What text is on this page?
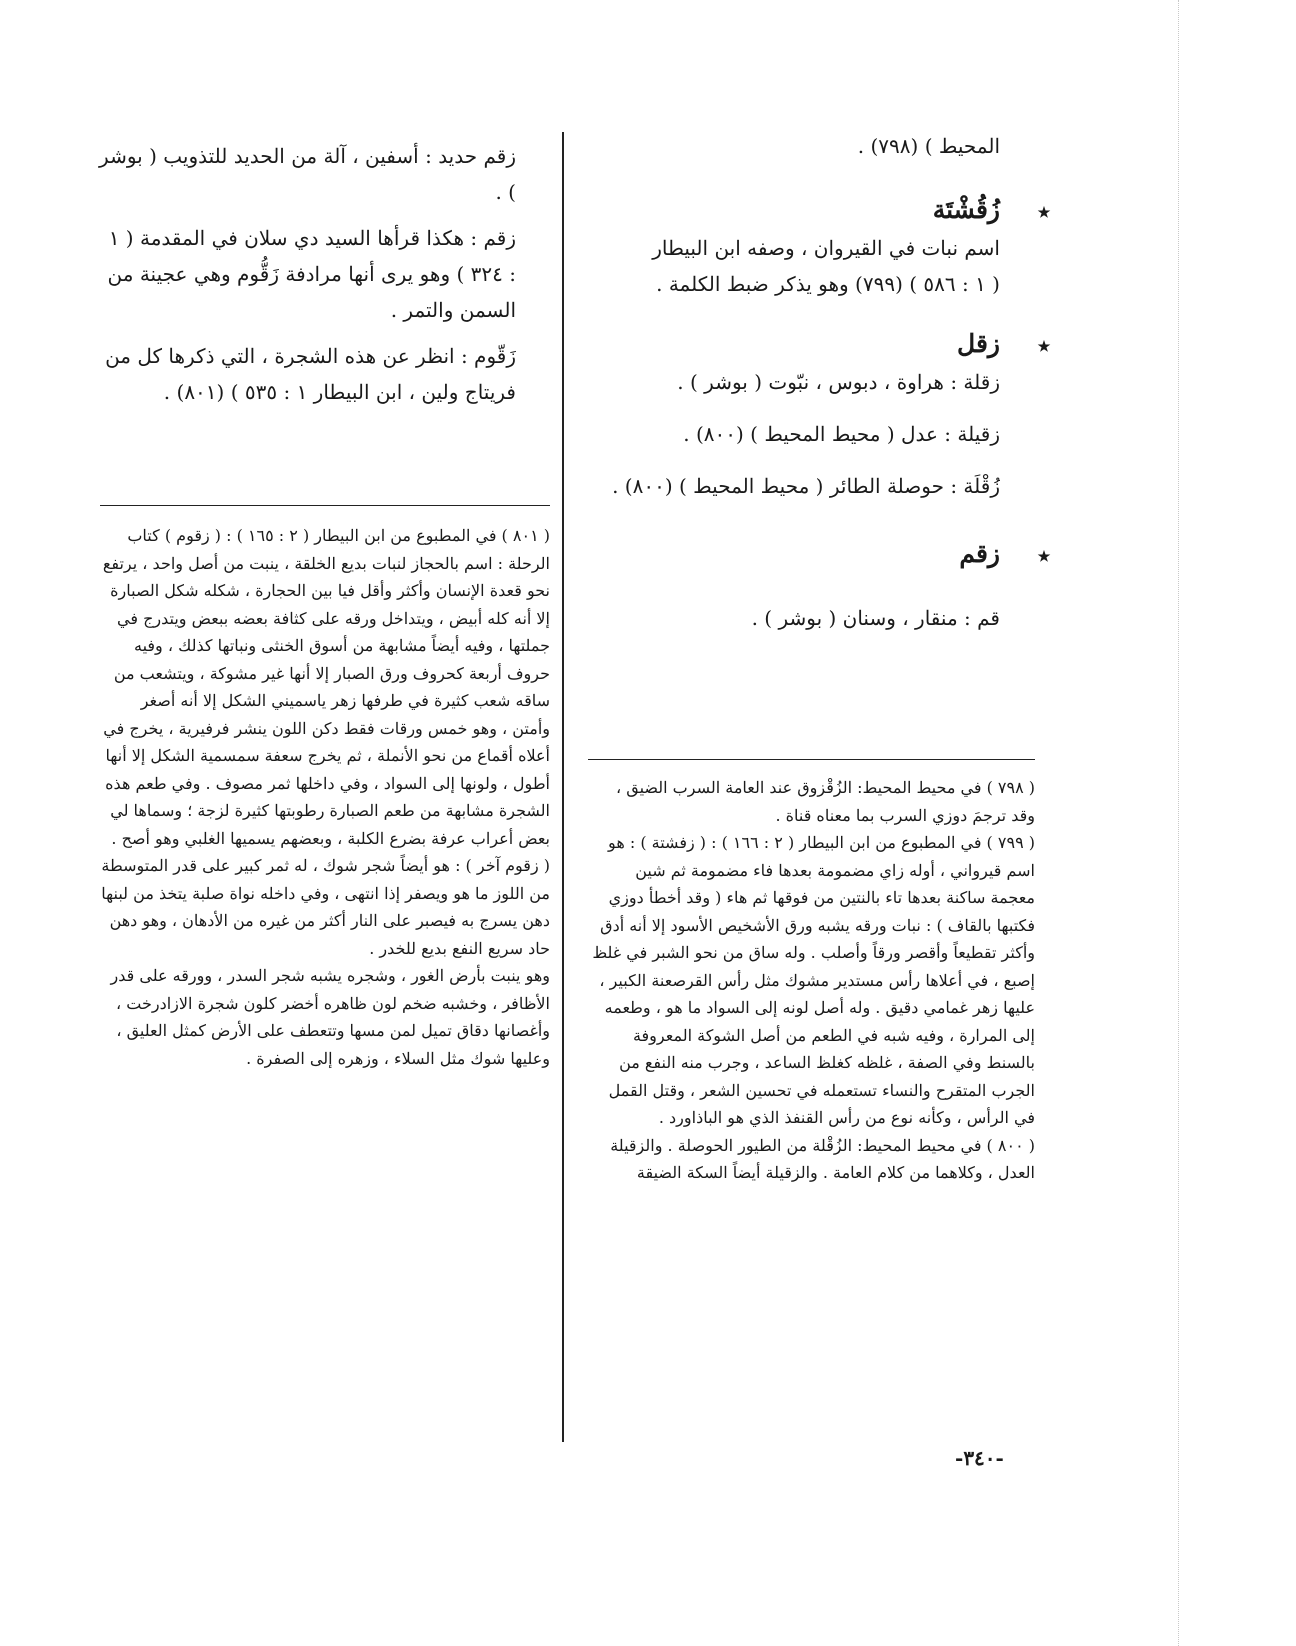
المحيط ) (٧٩٨) .

٭
زُقُشْتَة

اسم نبات في القيروان ، وصفه ابن البيطار

( ١ : ٥٨٦ ) (٧٩٩) وهو يذكر ضبط الكلمة .

٭
زقل

زقلة : هراوة ، دبوس ، نبّوت ( بوشر ) .

زقيلة : عدل ( محيط المحيط ) (٨٠٠) .

زُقْلَة : حوصلة الطائر ( محيط المحيط ) (٨٠٠) .

٭
زقم

قم : منقار ، وسنان ( بوشر ) .

زقم حديد : أسفين ، آلة من الحديد للتذويب ( بوشر ) .

زقم : هكذا قرأها السيد دي سلان في المقدمة ( ١ : ٣٢٤ ) وهو يرى أنها مرادفة زَقُّوم وهي عجينة من السمن والتمر .

زَقّوم : انظر عن هذه الشجرة ، التي ذكرها كل من فريتاج ولين ، ابن البيطار ١ : ٥٣٥ ) (٨٠١) .

( ٨٠١ ) في المطبوع من ابن البيطار ( ٢ : ١٦٥ ) : ( زقوم ) كتاب الرحلة : اسم بالحجاز لنبات بديع الخلقة ، ينبت من أصل واحد ، يرتفع نحو قعدة الإنسان وأكثر وأقل فيا بين الحجارة ، شكله شكل الصبارة إلا أنه كله أبيض ، ويتداخل ورقه على كثافة بعضه ببعض ويتدرج في جملتها ، وفيه أيضاً مشابهة من أسوق الخنثى ونباتها كذلك ، وفيه حروف أربعة كحروف ورق الصبار إلا أنها غير مشوكة ، ويتشعب من ساقه شعب كثيرة في طرفها زهر ياسميني الشكل إلا أنه أصغر وأمتن ، وهو خمس ورقات فقط دكن اللون ينشر فرفيرية ، يخرج في أعلاه أقماع من نحو الأنملة ، ثم يخرج سعفة سمسمية الشكل إلا أنها أطول ، ولونها إلى السواد ، وفي داخلها ثمر مصوف . وفي طعم هذه الشجرة مشابهة من طعم الصبارة رطوبتها كثيرة لزجة ؛ وسماها لي بعض أعراب عرفة بضرع الكلبة ، وبعضهم يسميها الغلبي وهو أصح .

( زقوم آخر ) : هو أيضاً شجر شوك ، له ثمر كبير على قدر المتوسطة من اللوز ما هو ويصفر إذا انتهى ، وفي داخله نواة صلبة يتخذ من لبنها دهن يسرج به فيصبر على النار أكثر من غيره من الأدهان ، وهو دهن حاد سريع النفع بديع للخدر .

وهو ينبت بأرض الغور ، وشجره يشبه شجر السدر ، وورقه على قدر الأظافر ، وخشبه ضخم لون ظاهره أخضر كلون شجرة الازادرخت ، وأغصانها دقاق تميل لمن مسها وتتعطف على الأرض كمثل العليق ، وعليها شوك مثل السلاء ، وزهره إلى الصفرة .

( ٧٩٨ ) في محيط المحيط: الزُقْزوق عند العامة السرب الضيق ، وقد ترجمَ دوزي السرب بما معناه قناة .

( ٧٩٩ ) في المطبوع من ابن البيطار ( ٢ : ١٦٦ ) : ( زفشتة ) : هو اسم قيرواني ، أوله زاي مضمومة بعدها فاء مضمومة ثم شين معجمة ساكنة بعدها تاء بالنتين من فوقها ثم هاء ( وقد أخطأ دوزي فكتبها بالقاف ) : نبات ورقه يشبه ورق الأشخيص الأسود إلا أنه أدق وأكثر تقطيعاً وأقصر ورقاً وأصلب . وله ساق من نحو الشبر في غلظ إصبع ، في أعلاها رأس مستدير مشوك مثل رأس القرصعنة الكبير ، عليها زهر غمامي دقيق . وله أصل لونه إلى السواد ما هو ، وطعمه إلى المرارة ، وفيه شبه في الطعم من أصل الشوكة المعروفة بالسنط وفي الصفة ، غلظه كغلظ الساعد ، وجرب منه النفع من الجرب المتقرح والنساء تستعمله في تحسين الشعر ، وقتل القمل في الرأس ، وكأنه نوع من رأس القنفذ الذي هو الباذاورد .

( ٨٠٠ ) في محيط المحيط: الزُقْلة من الطيور الحوصلة . والزقيلة العدل ، وكلاهما من كلام العامة . والزقيلة أيضاً السكة الضيقة

-٣٤٠-
